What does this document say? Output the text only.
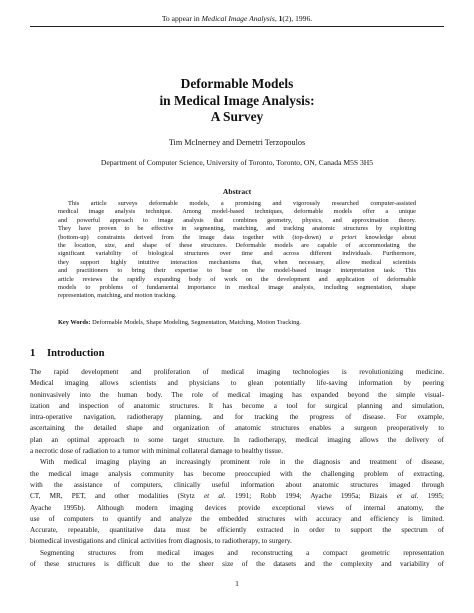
To appear in Medical Image Analysis, 1(2), 1996.
Deformable Models
in Medical Image Analysis:
A Survey
Tim McInerney and Demetri Terzopoulos
Department of Computer Science, University of Toronto, Toronto, ON, Canada M5S 3H5
Abstract
This article surveys deformable models, a promising and vigorously researched computer-assisted
medical image analysis technique. Among model-based techniques, deformable models offer a unique
and powerful approach to image analysis that combines geometry, physics, and approximation theory.
They have proven to be effective in segmenting, matching, and tracking anatomic structures by exploiting
(bottom-up) constraints derived from the image data together with (top-down) a priori knowledge about
the location, size, and shape of these structures. Deformable models are capable of accommodating the
significant variability of biological structures over time and across different individuals. Furthermore,
they support highly intuitive interaction mechanisms that, when necessary, allow medical scientists
and practitioners to bring their expertise to bear on the model-based image interpretation task. This
article reviews the rapidly expanding body of work on the development and application of deformable
models to problems of fundamental importance in medical image analysis, including segmentation, shape
representation, matching, and motion tracking.
Key Words: Deformable Models, Shape Modeling, Segmentation, Matching, Motion Tracking.
1 Introduction
The rapid development and proliferation of medical imaging technologies is revolutionizing medicine.
Medical imaging allows scientists and physicians to glean potentially life-saving information by peering
noninvasively into the human body. The role of medical imaging has expanded beyond the simple visual-
ization and inspection of anatomic structures. It has become a tool for surgical planning and simulation,
intra-operative navigation, radiotherapy planning, and for tracking the progress of disease. For example,
ascertaining the detailed shape and organization of anatomic structures enables a surgeon preoperatively to
plan an optimal approach to some target structure. In radiotherapy, medical imaging allows the delivery of
a necrotic dose of radiation to a tumor with minimal collateral damage to healthy tissue.
With medical imaging playing an increasingly prominent role in the diagnosis and treatment of disease,
the medical image analysis community has become preoccupied with the challenging problem of extracting,
with the assistance of computers, clinically useful information about anatomic structures imaged through
CT, MR, PET, and other modalities (Stytz et al. 1991; Robb 1994; Ayache 1995a; Bizais et al. 1995;
Ayache 1995b). Although modern imaging devices provide exceptional views of internal anatomy, the
use of computers to quantify and analyze the embedded structures with accuracy and efficiency is limited.
Accurate, repeatable, quantitative data must be efficiently extracted in order to support the spectrum of
biomedical investigations and clinical activities from diagnosis, to radiotherapy, to surgery.
Segmenting structures from medical images and reconstructing a compact geometric representation
of these structures is difficult due to the sheer size of the datasets and the complexity and variability of
1
